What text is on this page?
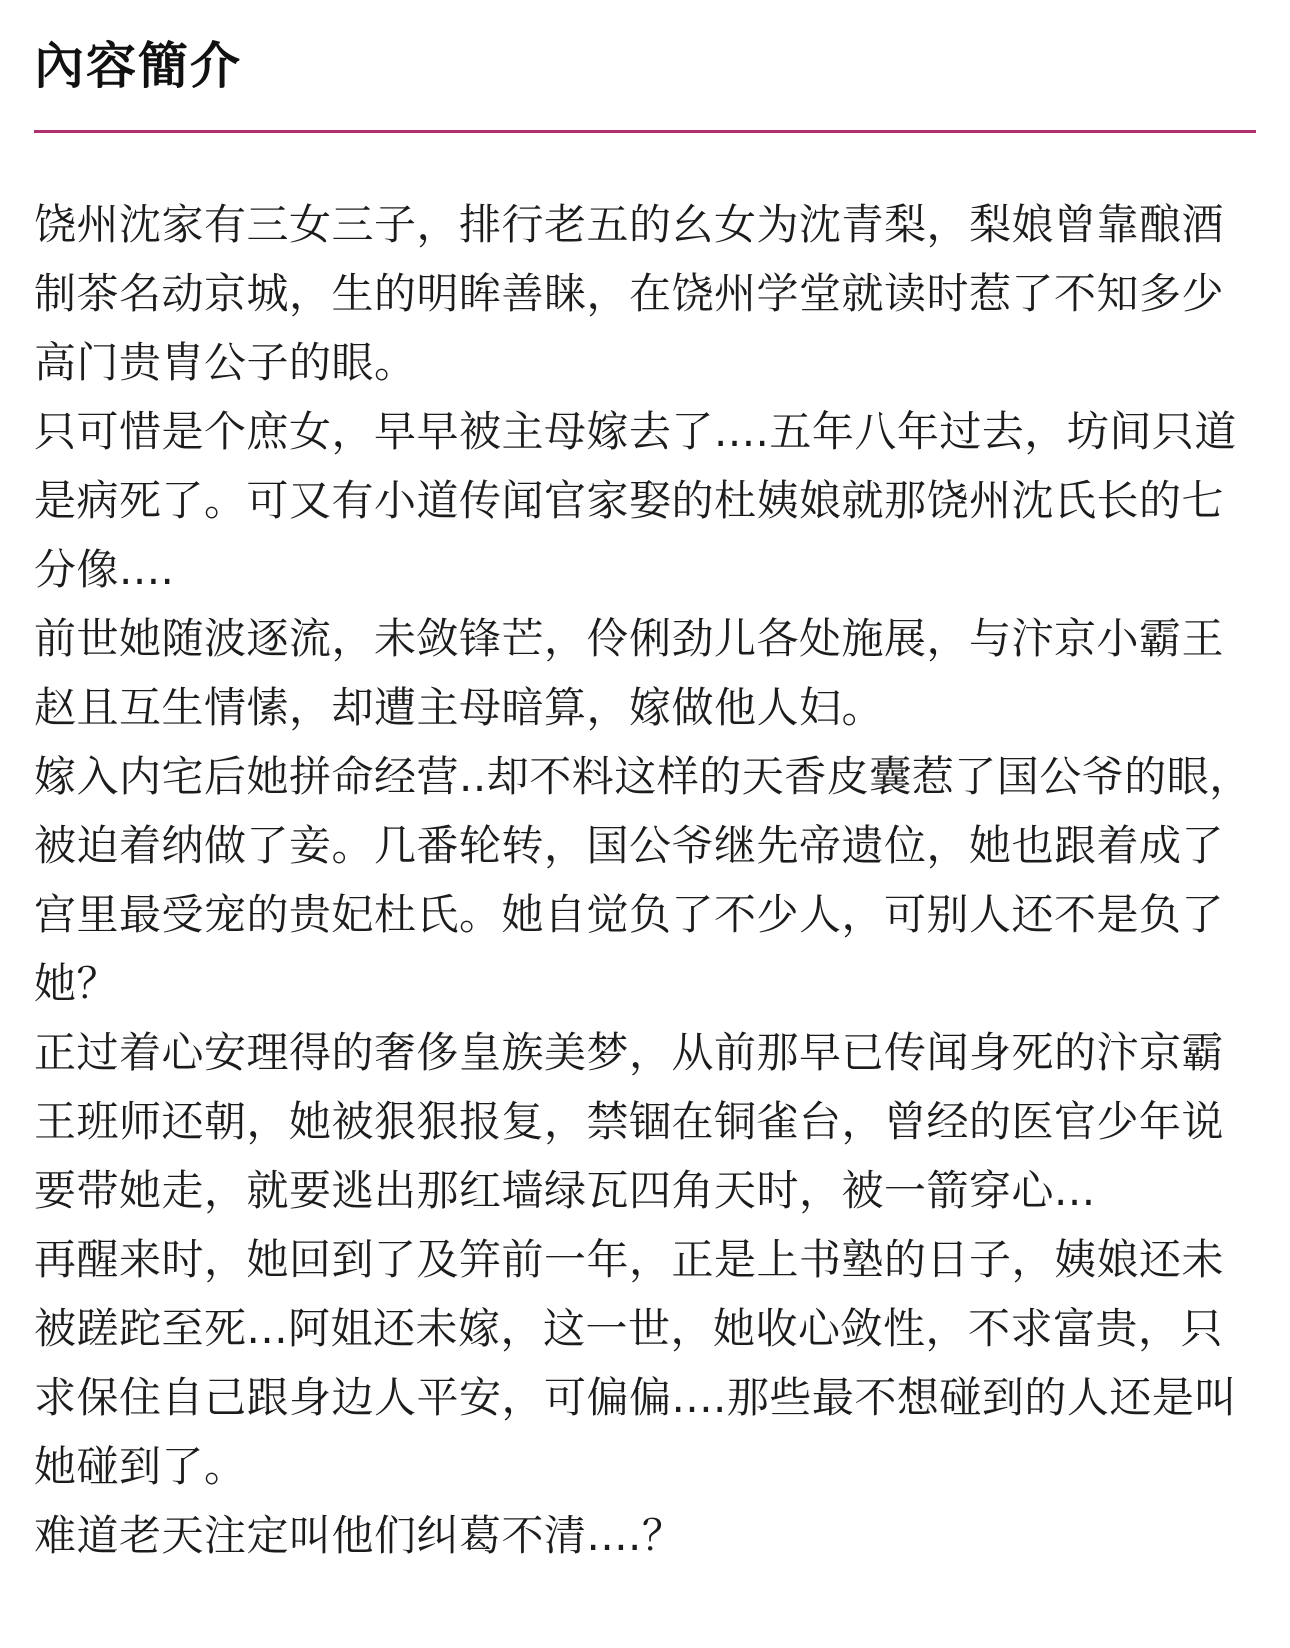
內容簡介

饶州沈家有三女三子，排行老五的幺女为沈青梨，梨娘曾靠酿酒制茶名动京城，生的明眸善睐，在饶州学堂就读时惹了不知多少高门贵胄公子的眼。

只可惜是个庶女，早早被主母嫁去了....五年八年过去，坊间只道是病死了。可又有小道传闻官家娶的杜姨娘就那饶州沈氏长的七分像....

前世她随波逐流，未敛锋芒，伶俐劲儿各处施展，与汴京小霸王赵且互生情愫，却遭主母暗算，嫁做他人妇。

嫁入内宅后她拼命经营..却不料这样的天香皮囊惹了国公爷的眼，被迫着纳做了妾。几番轮转，国公爷继先帝遗位，她也跟着成了宫里最受宠的贵妃杜氏。她自觉负了不少人，可别人还不是负了她？

正过着心安理得的奢侈皇族美梦，从前那早已传闻身死的汴京霸王班师还朝，她被狠狠报复，禁锢在铜雀台，曾经的医官少年说要带她走，就要逃出那红墙绿瓦四角天时，被一箭穿心...

再醒来时，她回到了及笄前一年，正是上书塾的日子，姨娘还未被蹉跎至死...阿姐还未嫁，这一世，她收心敛性，不求富贵，只求保住自己跟身边人平安，可偏偏....那些最不想碰到的人还是叫她碰到了。

难道老天注定叫他们纠葛不清....？
